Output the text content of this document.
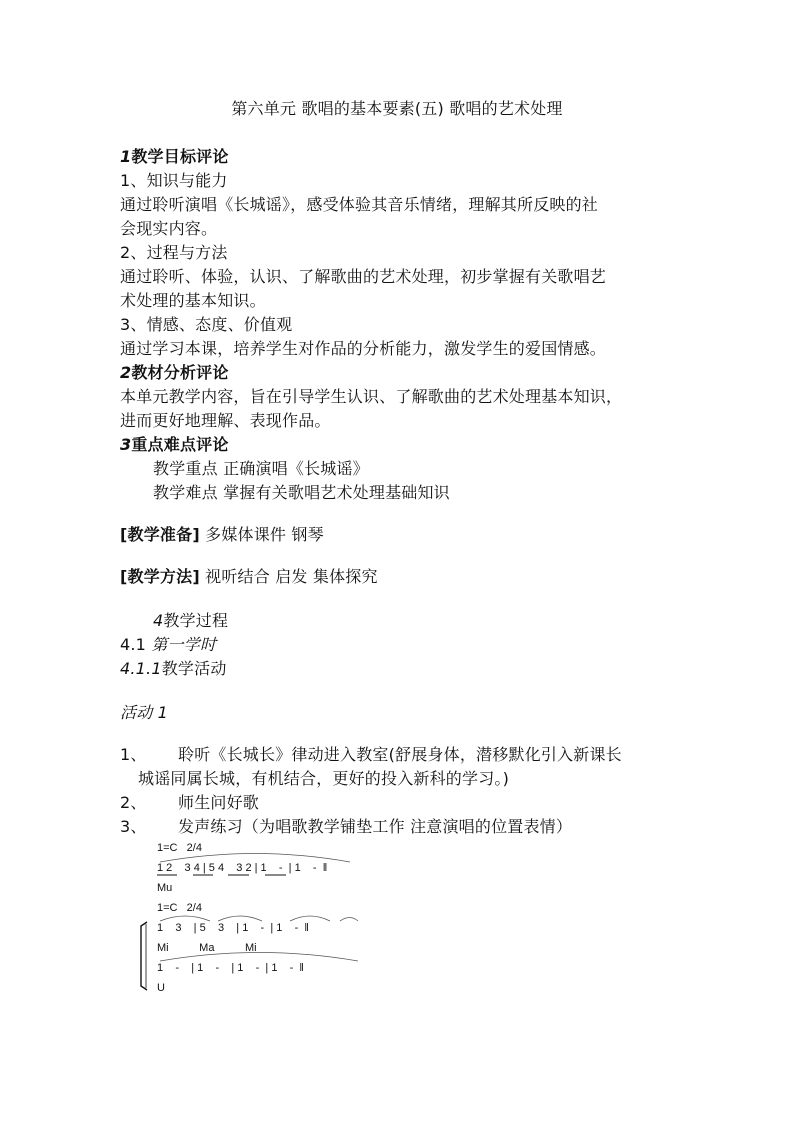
第六单元 歌唱的基本要素(五) 歌唱的艺术处理
1教学目标评论
1、知识与能力
通过聆听演唱《长城谣》，感受体验其音乐情绪，理解其所反映的社
会现实内容。
2、过程与方法
通过聆听、体验，认识、了解歌曲的艺术处理，初步掌握有关歌唱艺
术处理的基本知识。
3、情感、态度、价值观
通过学习本课，培养学生对作品的分析能力，激发学生的爱国情感。
2教材分析评论
本单元教学内容，旨在引导学生认识、了解歌曲的艺术处理基本知识，
进而更好地理解、表现作品。
3重点难点评论
教学重点 正确演唱《长城谣》
教学难点 掌握有关歌唱艺术处理基础知识
[教学准备] 多媒体课件 钢琴
[教学方法] 视听结合 启发 集体探究
4教学过程
4.1 第一学时
4.1.1教学活动
活动 1
1、 聆听《长城长》律动进入教室(舒展身体，潜移默化引入新课长
城谣同属长城，有机结合，更好的投入新科的学习。)
2、 师生问好歌
3、 发声练习（为唱歌教学铺垫工作 注意演唱的位置表情）
1=C   2/4
1 2    3 4 | 5 4    3 2 | 1    -  | 1    -  ‖
Mu
1=C   2/4
1    3    | 5    3    | 1    -  | 1    -  ‖
Mi          Ma          Mi
1    -    | 1    -    | 1    -  | 1    -  ‖
U
